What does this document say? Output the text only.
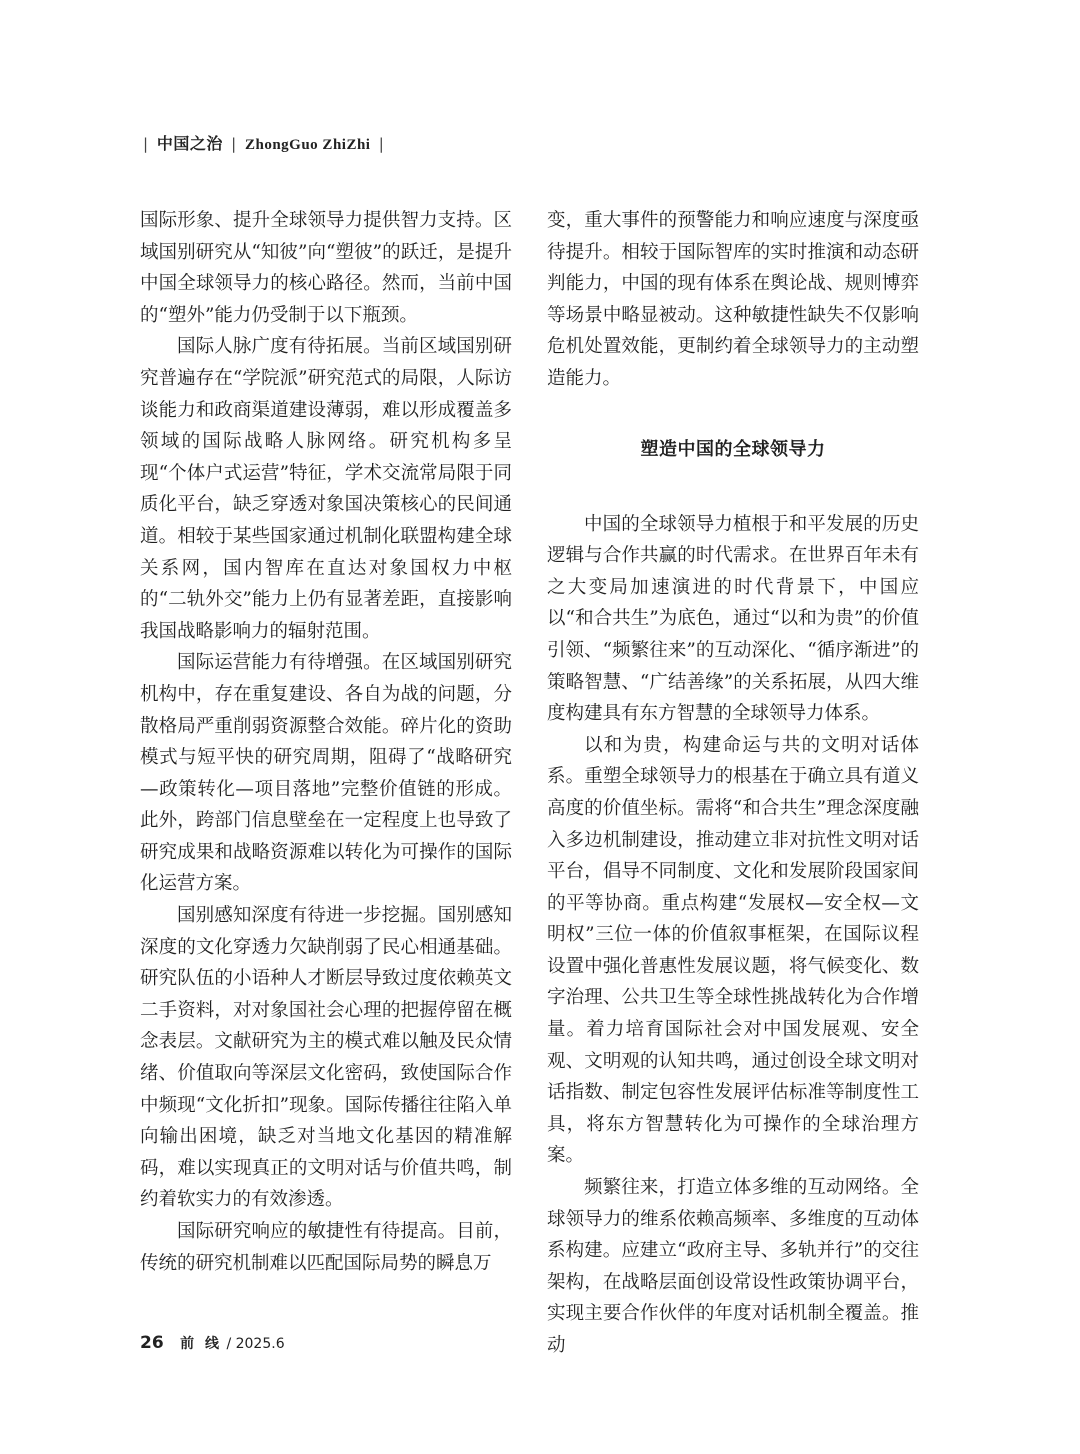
| 中国之治 | ZhongGuo ZhiZhi |

国际形象、提升全球领导力提供智力支持。区域国别研究从“知彼”向“塑彼”的跃迁，是提升中国全球领导力的核心路径。然而，当前中国的“塑外”能力仍受制于以下瓶颈。

国际人脉广度有待拓展。当前区域国别研究普遍存在“学院派”研究范式的局限，人际访谈能力和政商渠道建设薄弱，难以形成覆盖多领域的国际战略人脉网络。研究机构多呈现“个体户式运营”特征，学术交流常局限于同质化平台，缺乏穿透对象国决策核心的民间通道。相较于某些国家通过机制化联盟构建全球关系网，国内智库在直达对象国权力中枢的“二轨外交”能力上仍有显著差距，直接影响我国战略影响力的辐射范围。

国际运营能力有待增强。在区域国别研究机构中，存在重复建设、各自为战的问题，分散格局严重削弱资源整合效能。碎片化的资助模式与短平快的研究周期，阻碍了“战略研究—政策转化—项目落地”完整价值链的形成。此外，跨部门信息壁垒在一定程度上也导致了研究成果和战略资源难以转化为可操作的国际化运营方案。

国别感知深度有待进一步挖掘。国别感知深度的文化穿透力欠缺削弱了民心相通基础。研究队伍的小语种人才断层导致过度依赖英文二手资料，对对象国社会心理的把握停留在概念表层。文献研究为主的模式难以触及民众情绪、价值取向等深层文化密码，致使国际合作中频现“文化折扣”现象。国际传播往往陷入单向输出困境，缺乏对当地文化基因的精准解码，难以实现真正的文明对话与价值共鸣，制约着软实力的有效渗透。

国际研究响应的敏捷性有待提高。目前，传统的研究机制难以匹配国际局势的瞬息万

变，重大事件的预警能力和响应速度与深度亟待提升。相较于国际智库的实时推演和动态研判能力，中国的现有体系在舆论战、规则博弈等场景中略显被动。这种敏捷性缺失不仅影响危机处置效能，更制约着全球领导力的主动塑造能力。

塑造中国的全球领导力

中国的全球领导力植根于和平发展的历史逻辑与合作共赢的时代需求。在世界百年未有之大变局加速演进的时代背景下，中国应以“和合共生”为底色，通过“以和为贵”的价值引领、“频繁往来”的互动深化、“循序渐进”的策略智慧、“广结善缘”的关系拓展，从四大维度构建具有东方智慧的全球领导力体系。

以和为贵，构建命运与共的文明对话体系。重塑全球领导力的根基在于确立具有道义高度的价值坐标。需将“和合共生”理念深度融入多边机制建设，推动建立非对抗性文明对话平台，倡导不同制度、文化和发展阶段国家间的平等协商。重点构建“发展权—安全权—文明权”三位一体的价值叙事框架，在国际议程设置中强化普惠性发展议题，将气候变化、数字治理、公共卫生等全球性挑战转化为合作增量。着力培育国际社会对中国发展观、安全观、文明观的认知共鸣，通过创设全球文明对话指数、制定包容性发展评估标准等制度性工具，将东方智慧转化为可操作的全球治理方案。

频繁往来，打造立体多维的互动网络。全球领导力的维系依赖高频率、多维度的互动体系构建。应建立“政府主导、多轨并行”的交往架构，在战略层面创设常设性政策协调平台，实现主要合作伙伴的年度对话机制全覆盖。推动

26 前 线 / 2025.6
